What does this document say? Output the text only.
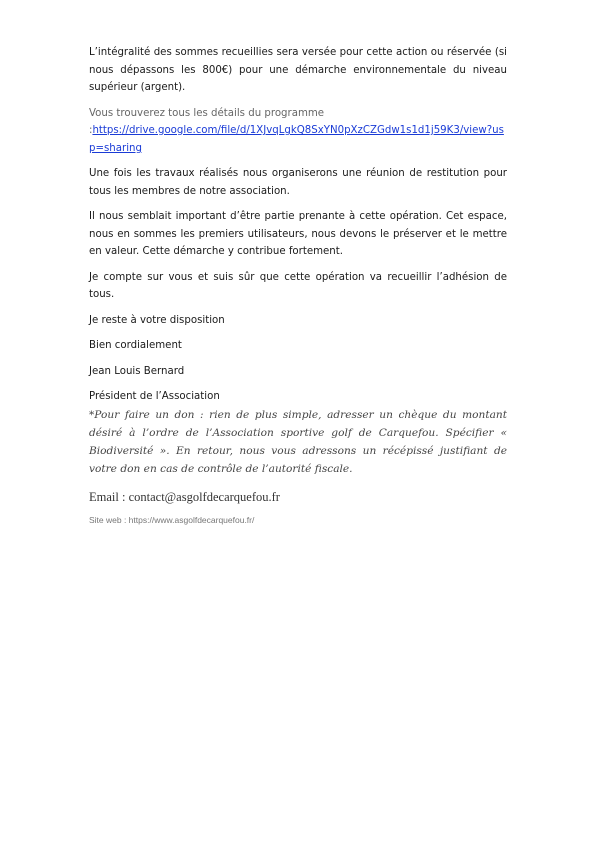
L’intégralité des sommes recueillies sera versée pour cette action ou réservée (si nous dépassons les 800€) pour une démarche environnementale du niveau supérieur (argent).

Vous trouverez tous les détails du programme

:https://drive.google.com/file/d/1XJvqLgkQ8SxYN0pXzCZGdw1s1d1j59K3/view?usp=sharing

Une fois les travaux réalisés nous organiserons une réunion de restitution pour tous les membres de notre association.

Il nous semblait important d’être partie prenante à cette opération. Cet espace, nous en sommes les premiers utilisateurs, nous devons le préserver et le mettre en valeur. Cette démarche y contribue fortement.

Je compte sur vous et suis sûr que cette opération va recueillir l’adhésion de tous.

Je reste à votre disposition

Bien cordialement

Jean Louis Bernard

Président de l’Association

*Pour faire un don : rien de plus simple, adresser un chèque du montant désiré à l’ordre de l’Association sportive golf de Carquefou. Spécifier « Biodiversité ». En retour, nous vous adressons un récépissé justifiant de votre don en cas de contrôle de l’autorité fiscale.

Email : contact@asgolfdecarquefou.fr

Site web : https://www.asgolfdecarquefou.fr/
